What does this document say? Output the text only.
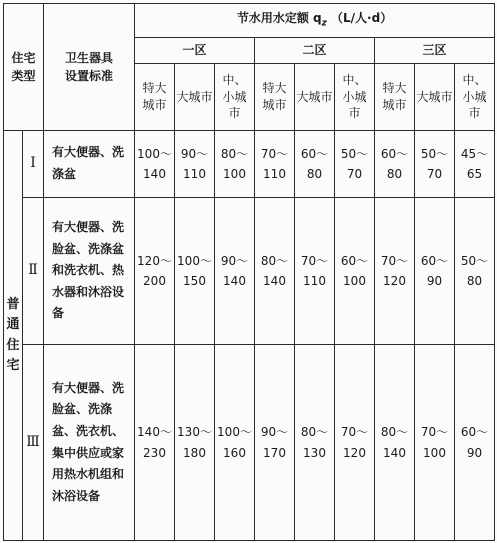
住宅类型		卫生器具设置标准	节水用水定额 $q_z$ （L/人·d）								
			一区			二区			三区		

			特大城市	大城市	中、小城市	特大城市	大城市	中、小城市	特大城市	大城市	中、小城市

普通住宅	Ⅰ	有大便器、洗涤盆	100～140	90～110	80～100	70～110	60～80	50～70	60～80	50～70	45～65

	Ⅱ	有大便器、洗脸盆、洗涤盆和洗衣机、热水器和沐浴设备	120～200	100～150	90～140	80～140	70～110	60～100	70～120	60～90	50～80

	Ⅲ	有大便器、洗脸盆、洗涤盆、洗衣机、集中供应或家用热水机组和沐浴设备	140～230	130～180	100～160	90～170	80～130	70～120	80～140	70～100	60～90
